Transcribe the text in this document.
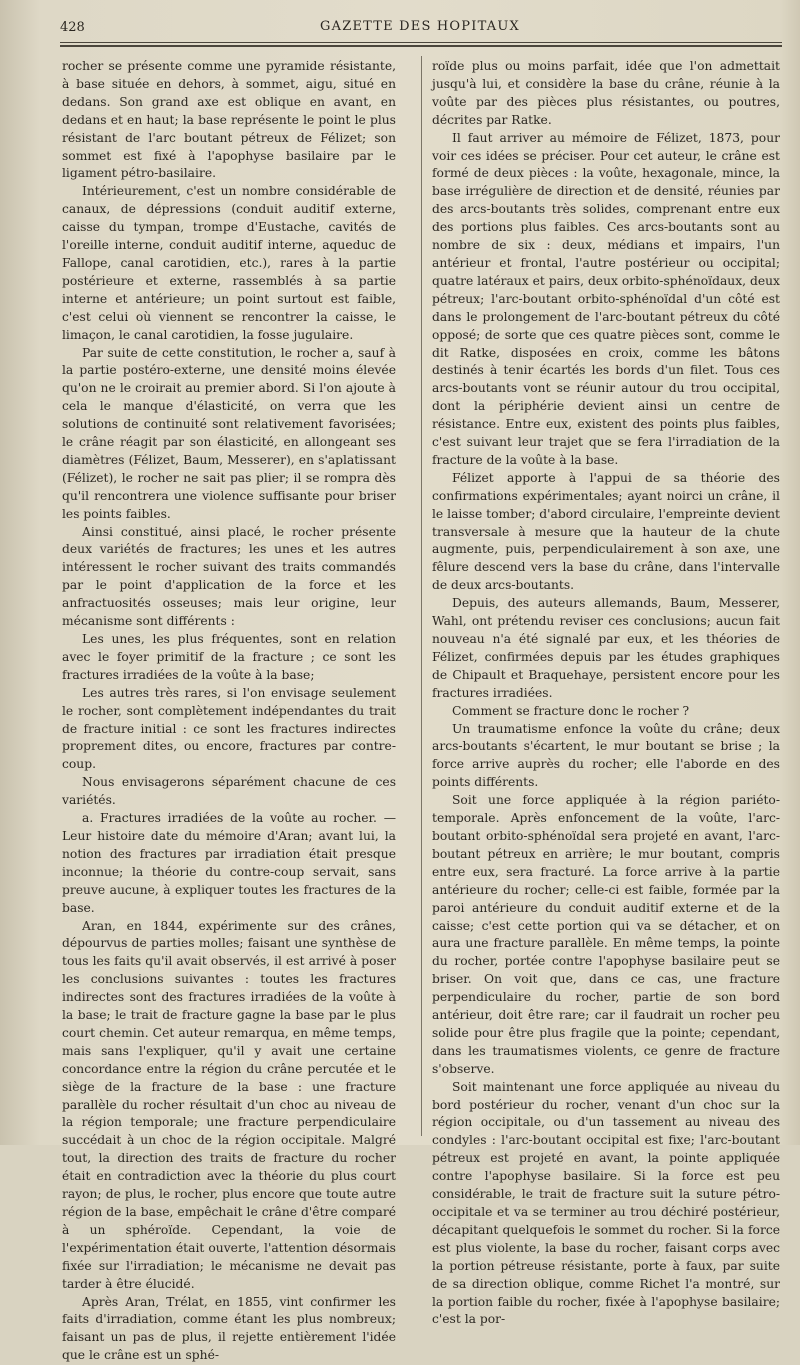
428	GAZETTE DES HOPITAUX

rocher se présente comme une pyramide résistante, à base située en dehors, à sommet, aigu, situé en dedans. Son grand axe est oblique en avant, en dedans et en haut; la base représente le point le plus résistant de l'arc boutant pétreux de Félizet; son sommet est fixé à l'apophyse basilaire par le ligament pétro-basilaire.

Intérieurement, c'est un nombre considérable de canaux, de dépressions (conduit auditif externe, caisse du tympan, trompe d'Eustache, cavités de l'oreille interne, conduit auditif interne, aqueduc de Fallope, canal carotidien, etc.), rares à la partie postérieure et externe, rassemblés à sa partie interne et antérieure; un point surtout est faible, c'est celui où viennent se rencontrer la caisse, le limaçon, le canal carotidien, la fosse jugulaire.

Par suite de cette constitution, le rocher a, sauf à la partie postéro-externe, une densité moins élevée qu'on ne le croirait au premier abord. Si l'on ajoute à cela le manque d'élasticité, on verra que les solutions de continuité sont relativement favorisées; le crâne réagit par son élasticité, en allongeant ses diamètres (Félizet, Baum, Messerer), en s'aplatissant (Félizet), le rocher ne sait pas plier; il se rompra dès qu'il rencontrera une violence suffisante pour briser les points faibles.

Ainsi constitué, ainsi placé, le rocher présente deux variétés de fractures; les unes et les autres intéressent le rocher suivant des traits commandés par le point d'application de la force et les anfractuosités osseuses; mais leur origine, leur mécanisme sont différents :

Les unes, les plus fréquentes, sont en relation avec le foyer primitif de la fracture ; ce sont les fractures irradiées de la voûte à la base;

Les autres très rares, si l'on envisage seulement le rocher, sont complètement indépendantes du trait de fracture initial : ce sont les fractures indirectes proprement dites, ou encore, fractures par contre-coup.

Nous envisagerons séparément chacune de ces variétés.

a. Fractures irradiées de la voûte au rocher. — Leur histoire date du mémoire d'Aran; avant lui, la notion des fractures par irradiation était presque inconnue; la théorie du contre-coup servait, sans preuve aucune, à expliquer toutes les fractures de la base.

Aran, en 1844, expérimente sur des crânes, dépourvus de parties molles; faisant une synthèse de tous les faits qu'il avait observés, il est arrivé à poser les conclusions suivantes : toutes les fractures indirectes sont des fractures irradiées de la voûte à la base; le trait de fracture gagne la base par le plus court chemin. Cet auteur remarqua, en même temps, mais sans l'expliquer, qu'il y avait une certaine concordance entre la région du crâne percutée et le siège de la fracture de la base : une fracture parallèle du rocher résultait d'un choc au niveau de la région temporale; une fracture perpendiculaire succédait à un choc de la région occipitale. Malgré tout, la direction des traits de fracture du rocher était en contradiction avec la théorie du plus court rayon; de plus, le rocher, plus encore que toute autre région de la base, empêchait le crâne d'être comparé à un sphéroïde. Cependant, la voie de l'expérimentation était ouverte, l'attention désormais fixée sur l'irradiation; le mécanisme ne devait pas tarder à être élucidé.

Après Aran, Trélat, en 1855, vint confirmer les faits d'irradiation, comme étant les plus nombreux; faisant un pas de plus, il rejette entièrement l'idée que le crâne est un sphé-

roïde plus ou moins parfait, idée que l'on admettait jusqu'à lui, et considère la base du crâne, réunie à la voûte par des pièces plus résistantes, ou poutres, décrites par Ratke.

Il faut arriver au mémoire de Félizet, 1873, pour voir ces idées se préciser. Pour cet auteur, le crâne est formé de deux pièces : la voûte, hexagonale, mince, la base irrégulière de direction et de densité, réunies par des arcs-boutants très solides, comprenant entre eux des portions plus faibles. Ces arcs-boutants sont au nombre de six : deux, médians et impairs, l'un antérieur et frontal, l'autre postérieur ou occipital; quatre latéraux et pairs, deux orbito-sphénoïdaux, deux pétreux; l'arc-boutant orbito-sphénoïdal d'un côté est dans le prolongement de l'arc-boutant pétreux du côté opposé; de sorte que ces quatre pièces sont, comme le dit Ratke, disposées en croix, comme les bâtons destinés à tenir écartés les bords d'un filet. Tous ces arcs-boutants vont se réunir autour du trou occipital, dont la périphérie devient ainsi un centre de résistance. Entre eux, existent des points plus faibles, c'est suivant leur trajet que se fera l'irradiation de la fracture de la voûte à la base.

Félizet apporte à l'appui de sa théorie des confirmations expérimentales; ayant noirci un crâne, il le laisse tomber; d'abord circulaire, l'empreinte devient transversale à mesure que la hauteur de la chute augmente, puis, perpendiculairement à son axe, une fêlure descend vers la base du crâne, dans l'intervalle de deux arcs-boutants.

Depuis, des auteurs allemands, Baum, Messerer, Wahl, ont prétendu reviser ces conclusions; aucun fait nouveau n'a été signalé par eux, et les théories de Félizet, confirmées depuis par les études graphiques de Chipault et Braquehaye, persistent encore pour les fractures irradiées.

Comment se fracture donc le rocher ?

Un traumatisme enfonce la voûte du crâne; deux arcs-boutants s'écartent, le mur boutant se brise ; la force arrive auprès du rocher; elle l'aborde en des points différents.

Soit une force appliquée à la région pariéto-temporale. Après enfoncement de la voûte, l'arc-boutant orbito-sphénoïdal sera projeté en avant, l'arc-boutant pétreux en arrière; le mur boutant, compris entre eux, sera fracturé. La force arrive à la partie antérieure du rocher; celle-ci est faible, formée par la paroi antérieure du conduit auditif externe et de la caisse; c'est cette portion qui va se détacher, et on aura une fracture parallèle. En même temps, la pointe du rocher, portée contre l'apophyse basilaire peut se briser. On voit que, dans ce cas, une fracture perpendiculaire du rocher, partie de son bord antérieur, doit être rare; car il faudrait un rocher peu solide pour être plus fragile que la pointe; cependant, dans les traumatismes violents, ce genre de fracture s'observe.

Soit maintenant une force appliquée au niveau du bord postérieur du rocher, venant d'un choc sur la région occipitale, ou d'un tassement au niveau des condyles : l'arc-boutant occipital est fixe; l'arc-boutant pétreux est projeté en avant, la pointe appliquée contre l'apophyse basilaire. Si la force est peu considérable, le trait de fracture suit la suture pétro-occipitale et va se terminer au trou déchiré postérieur, décapitant quelquefois le sommet du rocher. Si la force est plus violente, la base du rocher, faisant corps avec la portion pétreuse résistante, porte à faux, par suite de sa direction oblique, comme Richet l'a montré, sur la portion faible du rocher, fixée à l'apophyse basilaire; c'est la por-
